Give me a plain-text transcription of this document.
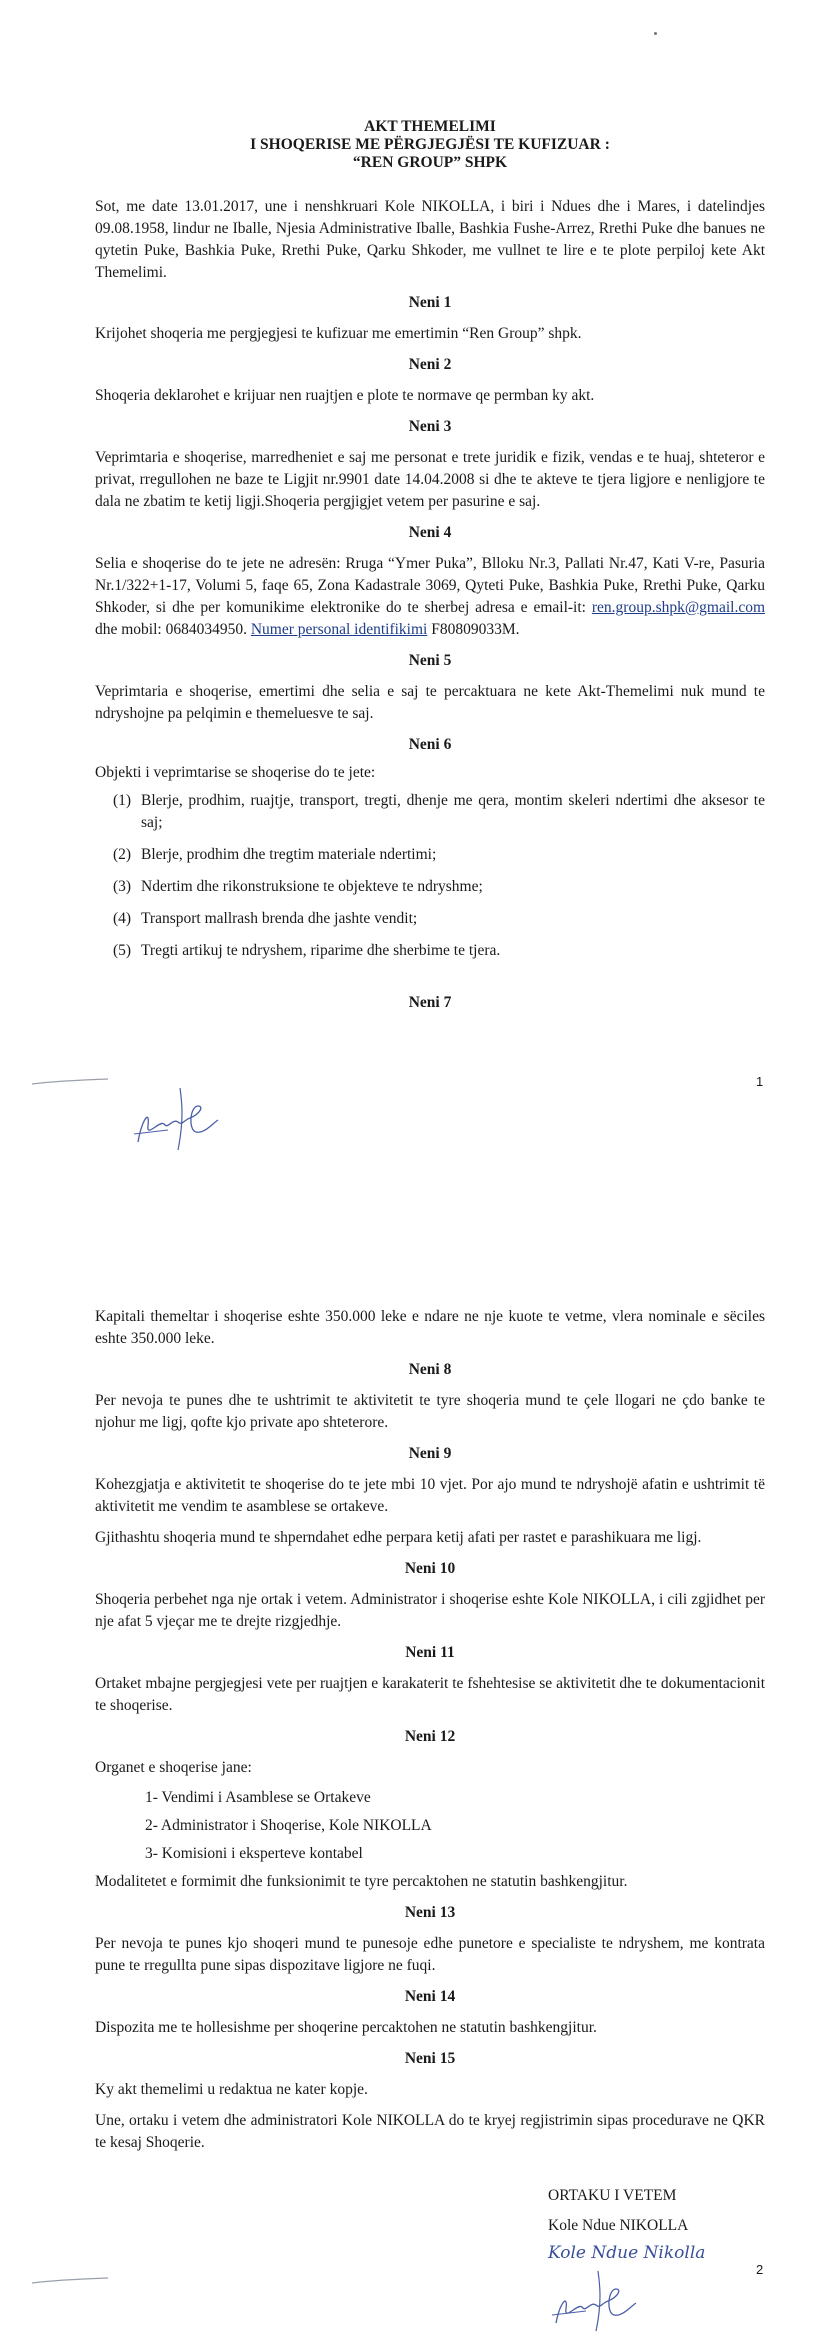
AKT THEMELIMI

I SHOQERISE ME PËRGJEGJËSI TE KUFIZUAR :

“REN GROUP” SHPK

Sot, me date 13.01.2017, une i nenshkruari Kole NIKOLLA, i biri i Ndues dhe i Mares, i datelindjes 09.08.1958, lindur ne Iballe, Njesia Administrative Iballe, Bashkia Fushe-Arrez, Rrethi Puke dhe banues ne qytetin Puke, Bashkia Puke, Rrethi Puke, Qarku Shkoder, me vullnet te lire e te plote perpiloj kete Akt Themelimi.

Neni 1

Krijohet shoqeria me pergjegjesi te kufizuar me emertimin “Ren Group” shpk.

Neni 2

Shoqeria deklarohet e krijuar nen ruajtjen e plote te normave qe permban ky akt.

Neni 3

Veprimtaria e shoqerise, marredheniet e saj me personat e trete juridik e fizik, vendas e te huaj, shteteror e privat, rregullohen ne baze te Ligjit nr.9901 date 14.04.2008 si dhe te akteve te tjera ligjore e nenligjore te dala ne zbatim te ketij ligji.Shoqeria pergjigjet vetem per pasurine e saj.

Neni 4

Selia e shoqerise do te jete ne adresën: Rruga “Ymer Puka”, Blloku Nr.3, Pallati Nr.47, Kati V-re, Pasuria Nr.1/322+1-17, Volumi 5, faqe 65, Zona Kadastrale 3069, Qyteti Puke, Bashkia Puke, Rrethi Puke, Qarku Shkoder, si dhe per komunikime elektronike do te sherbej adresa e email-it: ren.group.shpk@gmail.com dhe mobil: 0684034950. Numer personal identifikimi F80809033M.

Neni 5

Veprimtaria e shoqerise, emertimi dhe selia e saj te percaktuara ne kete Akt-Themelimi nuk mund te ndryshojne pa pelqimin e themeluesve te saj.

Neni 6

Objekti i veprimtarise se shoqerise do te jete:

(1) Blerje, prodhim, ruajtje, transport, tregti, dhenje me qera, montim skeleri ndertimi dhe aksesor te saj;
(2) Blerje, prodhim dhe tregtim materiale ndertimi;
(3) Ndertim dhe rikonstruksione te objekteve te ndryshme;
(4) Transport mallrash brenda dhe jashte vendit;
(5) Tregti artikuj te ndryshem, riparime dhe sherbime te tjera.

Neni 7

1

Kapitali themeltar i shoqerise eshte 350.000 leke e ndare ne nje kuote te vetme, vlera nominale e sëciles eshte 350.000 leke.

Neni 8

Per nevoja te punes dhe te ushtrimit te aktivitetit te tyre shoqeria mund te çele llogari ne çdo banke te njohur me ligj, qofte kjo private apo shteterore.

Neni 9

Kohezgjatja e aktivitetit te shoqerise do te jete mbi 10 vjet. Por ajo mund te ndryshojë afatin e ushtrimit të aktivitetit me vendim te asamblese se ortakeve.

Gjithashtu shoqeria mund te shperndahet edhe perpara ketij afati per rastet e parashikuara me ligj.

Neni 10

Shoqeria perbehet nga nje ortak i vetem. Administrator i shoqerise eshte Kole NIKOLLA, i cili zgjidhet per nje afat 5 vjeçar me te drejte rizgjedhje.

Neni 11

Ortaket mbajne pergjegjesi vete per ruajtjen e karakaterit te fshehtesise se aktivitetit dhe te dokumentacionit te shoqerise.

Neni 12

Organet e shoqerise jane:

1- Vendimi i Asamblese se Ortakeve
2- Administrator i Shoqerise, Kole NIKOLLA
3- Komisioni i eksperteve kontabel

Modalitetet e formimit dhe funksionimit te tyre percaktohen ne statutin bashkengjitur.

Neni 13

Per nevoja te punes kjo shoqeri mund te punesoje edhe punetore e specialiste te ndryshem, me kontrata pune te rregullta pune sipas dispozitave ligjore ne fuqi.

Neni 14

Dispozita me te hollesishme per shoqerine percaktohen ne statutin bashkengjitur.

Neni 15

Ky akt themelimi u redaktua ne kater kopje.

Une, ortaku i vetem dhe administratori Kole NIKOLLA do te kryej regjistrimin sipas procedurave ne QKR te kesaj Shoqerie.

ORTAKU I VETEM
Kole Ndue NIKOLLA
Kole Ndue Nikolla
2
